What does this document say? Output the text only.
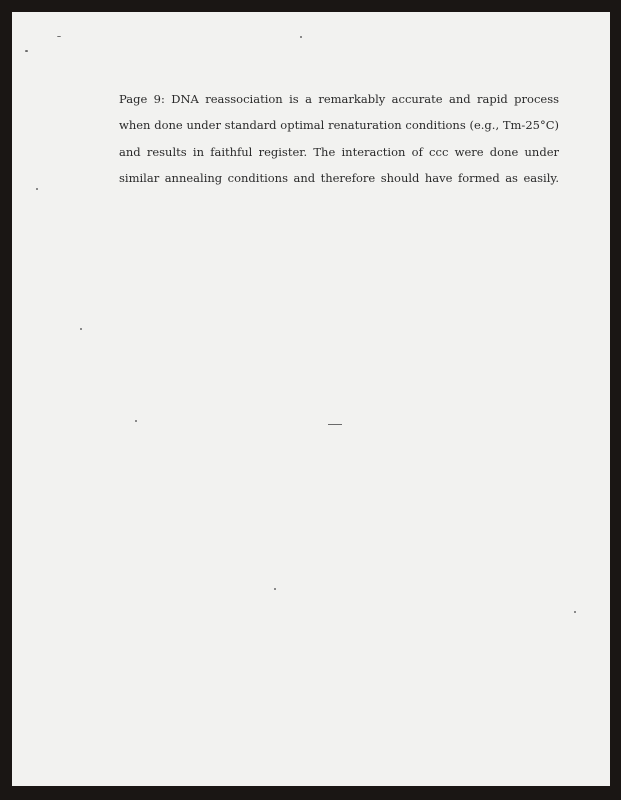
Page 9: DNA reassociation is a remarkably accurate and rapid process
when done under standard optimal renaturation conditions (e.g., Tm-25°C)
and results in faithful register. The interaction of ccc were done under
similar annealing conditions and therefore should have formed as easily.
